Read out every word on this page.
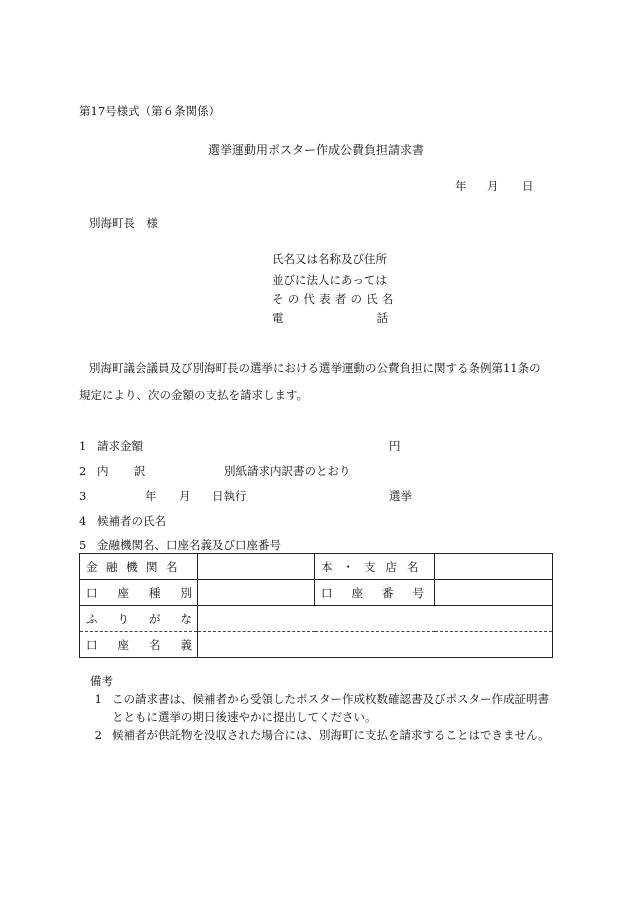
第17号様式（第６条関係）
選挙運動用ポスター作成公費負担請求書
年 月 日
別海町長　様
氏名又は名称及び住所
並びに法人にあっては
その代表者の氏名
電	話
別海町議会議員及び別海町長の選挙における選挙運動の公費負担に関する条例第11条の
規定により、次の金額の支払を請求します。
1 請求金額	円
2 内 訳	別紙請求内訳書のとおり
3	年 月 日執行	選挙
4 候補者の氏名
5 金融機関名、口座名義及び口座番号
金融機関名		本・支店名	
口座種別		口座番号	
ふりがな			
口座名義			
備考
1 この請求書は、候補者から受領したポスター作成枚数確認書及びポスター作成証明書とともに選挙の期日後速やかに提出してください。
2 候補者が供託物を没収された場合には、別海町に支払を請求することはできません。
